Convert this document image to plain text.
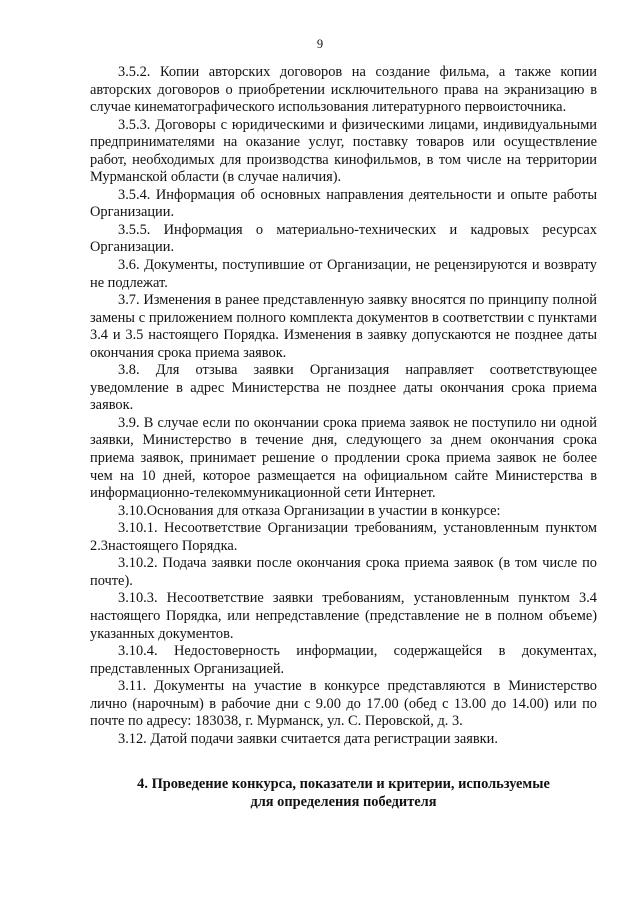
9

3.5.2. Копии авторских договоров на создание фильма, а также копии авторских договоров о приобретении исключительного права на экранизацию в случае кинематографического использования литературного первоисточника.

3.5.3. Договоры с юридическими и физическими лицами, индивидуальными предпринимателями на оказание услуг, поставку товаров или осуществление работ, необходимых для производства кинофильмов, в том числе на территории Мурманской области (в случае наличия).

3.5.4. Информация об основных направления деятельности и опыте работы Организации.

3.5.5. Информация о материально-технических и кадровых ресурсах Организации.

3.6. Документы, поступившие от Организации, не рецензируются и возврату не подлежат.

3.7. Изменения в ранее представленную заявку вносятся по принципу полной замены с приложением полного комплекта документов в соответствии с пунктами 3.4 и 3.5 настоящего Порядка. Изменения в заявку допускаются не позднее даты окончания срока приема заявок.

3.8. Для отзыва заявки Организация направляет соответствующее уведомление в адрес Министерства не позднее даты окончания срока приема заявок.

3.9. В случае если по окончании срока приема заявок не поступило ни одной заявки, Министерство в течение дня, следующего за днем окончания срока приема заявок, принимает решение о продлении срока приема заявок не более чем на 10 дней, которое размещается на официальном сайте Министерства в информационно-телекоммуникационной сети Интернет.

3.10.Основания для отказа Организации в участии в конкурсе:

3.10.1. Несоответствие Организации требованиям, установленным пунктом 2.3настоящего Порядка.

3.10.2. Подача заявки после окончания срока приема заявок (в том числе по почте).

3.10.3. Несоответствие заявки требованиям, установленным пунктом 3.4 настоящего Порядка, или непредставление (представление не в полном объеме) указанных документов.

3.10.4. Недостоверность информации, содержащейся в документах, представленных Организацией.

3.11. Документы на участие в конкурсе представляются в Министерство лично (нарочным) в рабочие дни с 9.00 до 17.00 (обед с 13.00 до 14.00) или по почте по адресу: 183038, г. Мурманск, ул. С. Перовской, д. 3.

3.12. Датой подачи заявки считается дата регистрации заявки.

4. Проведение конкурса, показатели и критерии, используемые
для определения победителя
